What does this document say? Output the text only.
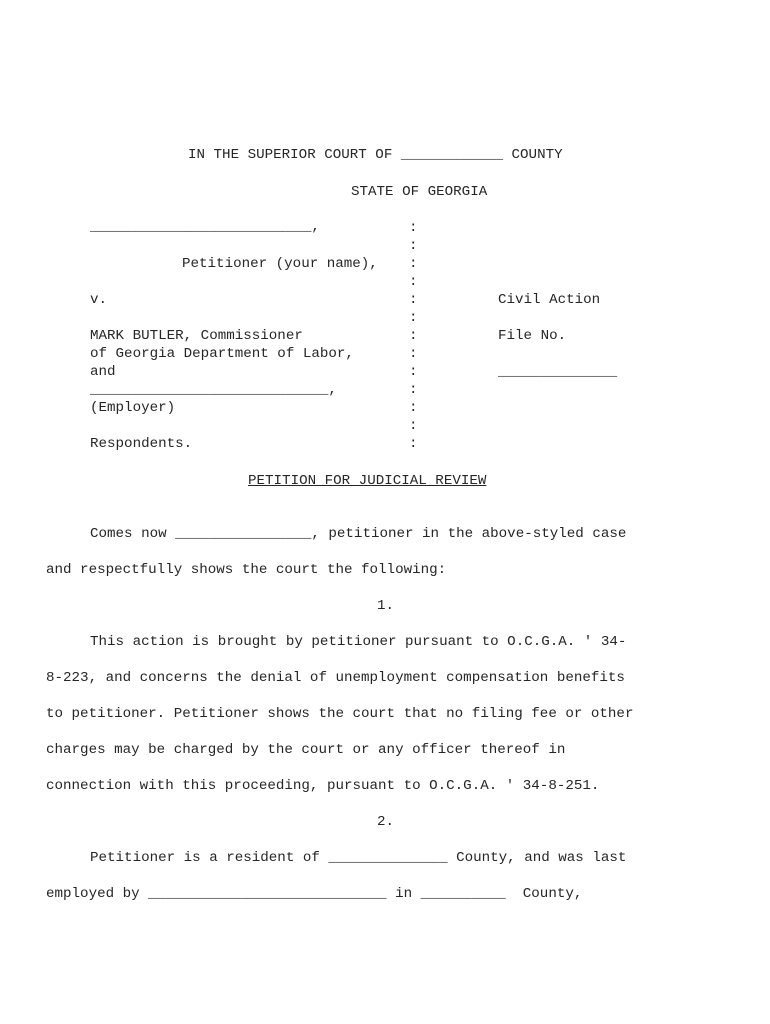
IN THE SUPERIOR COURT OF ____________ COUNTY
STATE OF GEORGIA
__________________________,
Petitioner (your name),
v.
MARK BUTLER, Commissioner
of Georgia Department of Labor,
and
____________________________,
(Employer)
Respondents.
:
:
:
:
:
:
:
:
:
:
:
:
:
Civil Action
File No.
______________
PETITION FOR JUDICIAL REVIEW
Comes now ________________, petitioner in the above-styled case
and respectfully shows the court the following:
1.
This action is brought by petitioner pursuant to O.C.G.A. ' 34-
8-223, and concerns the denial of unemployment compensation benefits
to petitioner. Petitioner shows the court that no filing fee or other
charges may be charged by the court or any officer thereof in
connection with this proceeding, pursuant to O.C.G.A. ' 34-8-251.
2.
Petitioner is a resident of ______________ County, and was last
employed by ____________________________ in __________  County,
